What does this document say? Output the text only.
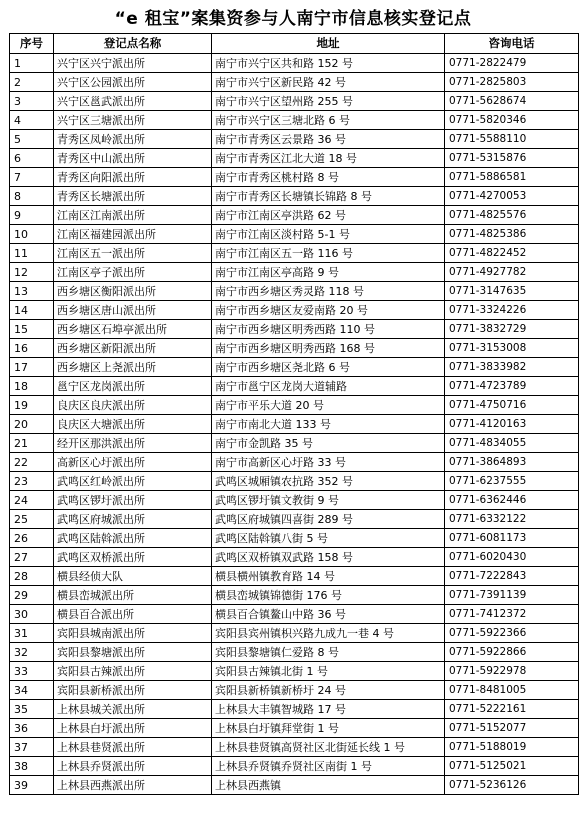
“e 租宝”案集资参与人南宁市信息核实登记点
序号	登记点名称	地址	咨询电话
1	兴宁区兴宁派出所	南宁市兴宁区共和路 152 号	0771-2822479
2	兴宁区公园派出所	南宁市兴宁区新民路 42 号	0771-2825803
3	兴宁区邕武派出所	南宁市兴宁区望州路 255 号	0771-5628674
4	兴宁区三塘派出所	南宁市兴宁区三塘北路 6 号	0771-5820346
5	青秀区凤岭派出所	南宁市青秀区云景路 36 号	0771-5588110
6	青秀区中山派出所	南宁市青秀区江北大道 18 号	0771-5315876
7	青秀区向阳派出所	南宁市青秀区桃村路 8 号	0771-5886581
8	青秀区长塘派出所	南宁市青秀区长塘镇长锦路 8 号	0771-4270053
9	江南区江南派出所	南宁市江南区亭洪路 62 号	0771-4825576
10	江南区福建园派出所	南宁市江南区淡村路 5-1 号	0771-4825386
11	江南区五一派出所	南宁市江南区五一路 116 号	0771-4822452
12	江南区亭子派出所	南宁市江南区亭高路 9 号	0771-4927782
13	西乡塘区衡阳派出所	南宁市西乡塘区秀灵路 118 号	0771-3147635
14	西乡塘区唐山派出所	南宁市西乡塘区友爱南路 20 号	0771-3324226
15	西乡塘区石埠亭派出所	南宁市西乡塘区明秀西路 110 号	0771-3832729
16	西乡塘区新阳派出所	南宁市西乡塘区明秀西路 168 号	0771-3153008
17	西乡塘区上尧派出所	南宁市西乡塘区尧北路 6 号	0771-3833982
18	邕宁区龙岗派出所	南宁市邕宁区龙岗大道辅路	0771-4723789
19	良庆区良庆派出所	南宁市平乐大道 20 号	0771-4750716
20	良庆区大塘派出所	南宁市南北大道 133 号	0771-4120163
21	经开区那洪派出所	南宁市金凯路 35 号	0771-4834055
22	高新区心圩派出所	南宁市高新区心圩路 33 号	0771-3864893
23	武鸣区红岭派出所	武鸣区城厢镇农抗路 352 号	0771-6237555
24	武鸣区锣圩派出所	武鸣区锣圩镇文教街 9 号	0771-6362446
25	武鸣区府城派出所	武鸣区府城镇四喜街 289 号	0771-6332122
26	武鸣区陆斡派出所	武鸣区陆斡镇八街 5 号	0771-6081173
27	武鸣区双桥派出所	武鸣区双桥镇双武路 158 号	0771-6020430
28	横县经侦大队	横县横州镇教育路 14 号	0771-7222843
29	横县峦城派出所	横县峦城镇锦德街 176 号	0771-7391139
30	横县百合派出所	横县百合镇鳌山中路 36 号	0771-7412372
31	宾阳县城南派出所	宾阳县宾州镇枳兴路九成九一巷 4 号	0771-5922366
32	宾阳县黎塘派出所	宾阳县黎塘镇仁爱路 8 号	0771-5922866
33	宾阳县古辣派出所	宾阳县古辣镇北街 1 号	0771-5922978
34	宾阳县新桥派出所	宾阳县新桥镇新桥圩 24 号	0771-8481005
35	上林县城关派出所	上林县大丰镇智城路 17 号	0771-5222161
36	上林县白圩派出所	上林县白圩镇拜堂街 1 号	0771-5152077
37	上林县巷贤派出所	上林县巷贤镇高贤社区北街延长线 1 号	0771-5188019
38	上林县乔贤派出所	上林县乔贤镇乔贤社区南街 1 号	0771-5125021
39	上林县西燕派出所	上林县西燕镇	0771-5236126
